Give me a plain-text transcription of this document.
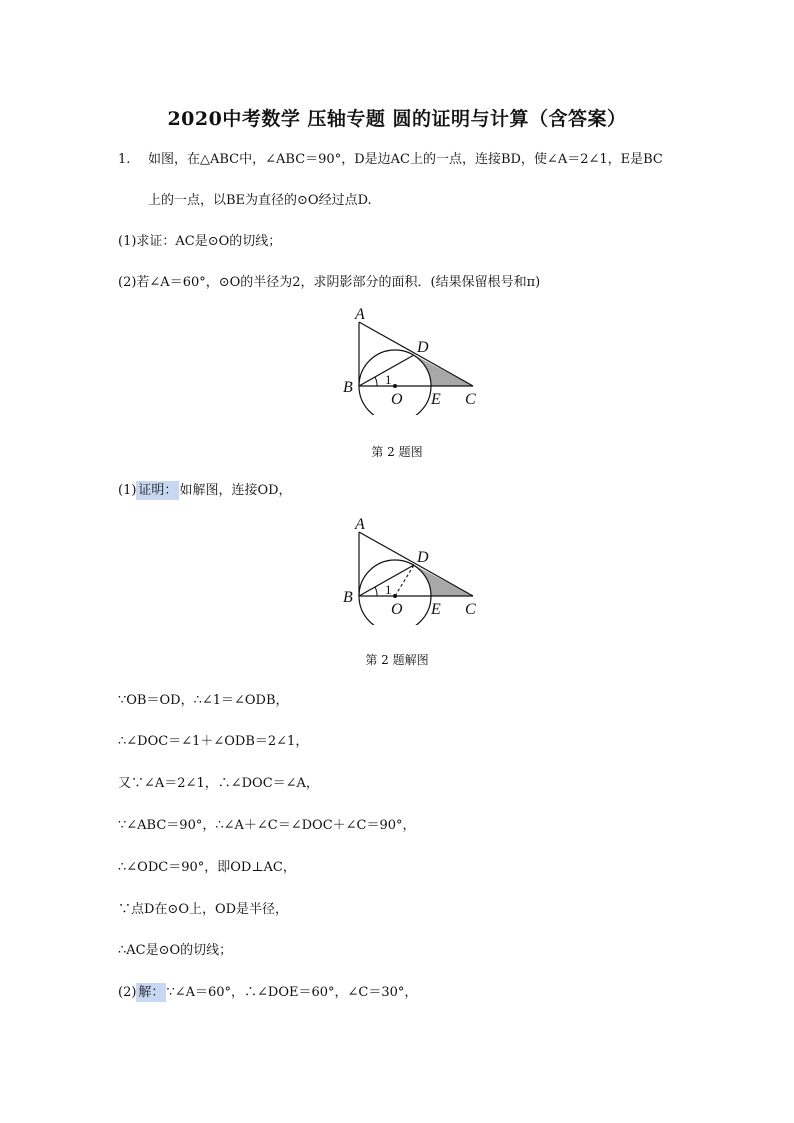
2020中考数学 压轴专题 圆的证明与计算（含答案）
1. 如图，在△ABC中，∠ABC＝90°，D是边AC上的一点，连接BD，使∠A＝2∠1，E是BC
上的一点，以BE为直径的⊙O经过点D.
(1)求证：AC是⊙O的切线；
(2)若∠A＝60°，⊙O的半径为2，求阴影部分的面积．(结果保留根号和π)
A
D
B
O E C
1
第 2 题图
(1) 证明： 如解图，连接OD，
A
D
B
O E C
1
第 2 题解图
∵OB＝OD，∴∠1＝∠ODB，
∴∠DOC＝∠1＋∠ODB＝2∠1，
又∵∠A＝2∠1，∴∠DOC＝∠A，
∵∠ABC＝90°，∴∠A＋∠C＝∠DOC＋∠C＝90°，
∴∠ODC＝90°，即OD⊥AC，
∵点D在⊙O上，OD是半径，
∴AC是⊙O的切线；
(2) 解： ∵∠A＝60°，∴∠DOE＝60°，∠C＝30°，
